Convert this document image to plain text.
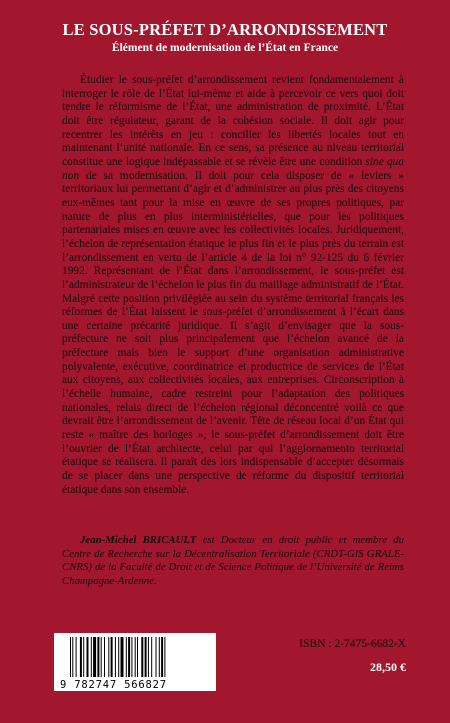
LE SOUS-PRÉFET D’ARRONDISSEMENT
Élément de modernisation de l’État en France

Étudier le sous-préfet d’arrondissement revient fondamentalement à interroger le rôle de l’État lui-même et aide à percevoir ce vers quoi doit tendre le réformisme de l’État, une administration de proximité. L’État doit être régulateur, garant de la cohésion sociale. Il doit agir pour recentrer les intérêts en jeu : concilier les libertés locales tout en maintenant l’unité nationale. En ce sens, sa présence au niveau territorial constitue une logique indépassable et se révèle être une condition sine qua non de sa modernisation. Il doit pour cela disposer de « leviers » territoriaux lui permettant d’agir et d’administrer au plus près des citoyens eux-mêmes tant pour la mise en œuvre de ses propres politiques, par nature de plus en plus interministérielles, que pour les politiques partenariales mises en œuvre avec les collectivités locales. Juridiquement, l’échelon de représentation étatique le plus fin et le plus près du terrain est l’arrondissement en vertu de l’article 4 de la loi n° 92-125 du 6 février 1992. Représentant de l’État dans l’arrondissement, le sous-préfet est l’administrateur de l’échelon le plus fin du maillage administratif de l’État. Malgré cette position privilégiée au sein du système territorial français les réformes de l’État laissent le sous-préfet d’arrondissement à l’écart dans une certaine précarité juridique. Il s’agit d’envisager que la sous-préfecture ne soit plus principalement que l’échelon avancé de la préfecture mais bien le support d’une organisation administrative polyvalente, exécutive, coordinatrice et productrice de services de l’État aux citoyens, aux collectivités locales, aux entreprises. Circonscription à l’échelle humaine, cadre restreint pour l’adaptation des politiques nationales, relais direct de l’échelon régional déconcentré voilà ce que devrait être l’arrondissement de l’avenir. Tête de réseau local d’un État qui reste « maître des horloges », le sous-préfet d’arrondissement doit être l’ouvrier de l’État architecte, celui par qui l’aggiornamento territorial étatique se réalisera. Il paraît dès lors indispensable d’accepter désormais de se placer dans une perspective de réforme du dispositif territorial étatique dans son ensemble.

Jean-Michel BRICAULT est Docteur en droit public et membre du Centre de Recherche sur la Décentralisation Territoriale (CRDT-GIS GRALE-CNRS) de la Faculté de Droit et de Science Politique de l’Université de Reims Champagne-Ardenne.
9 782747 566827
ISBN : 2-7475-6682-X
28,50 €
